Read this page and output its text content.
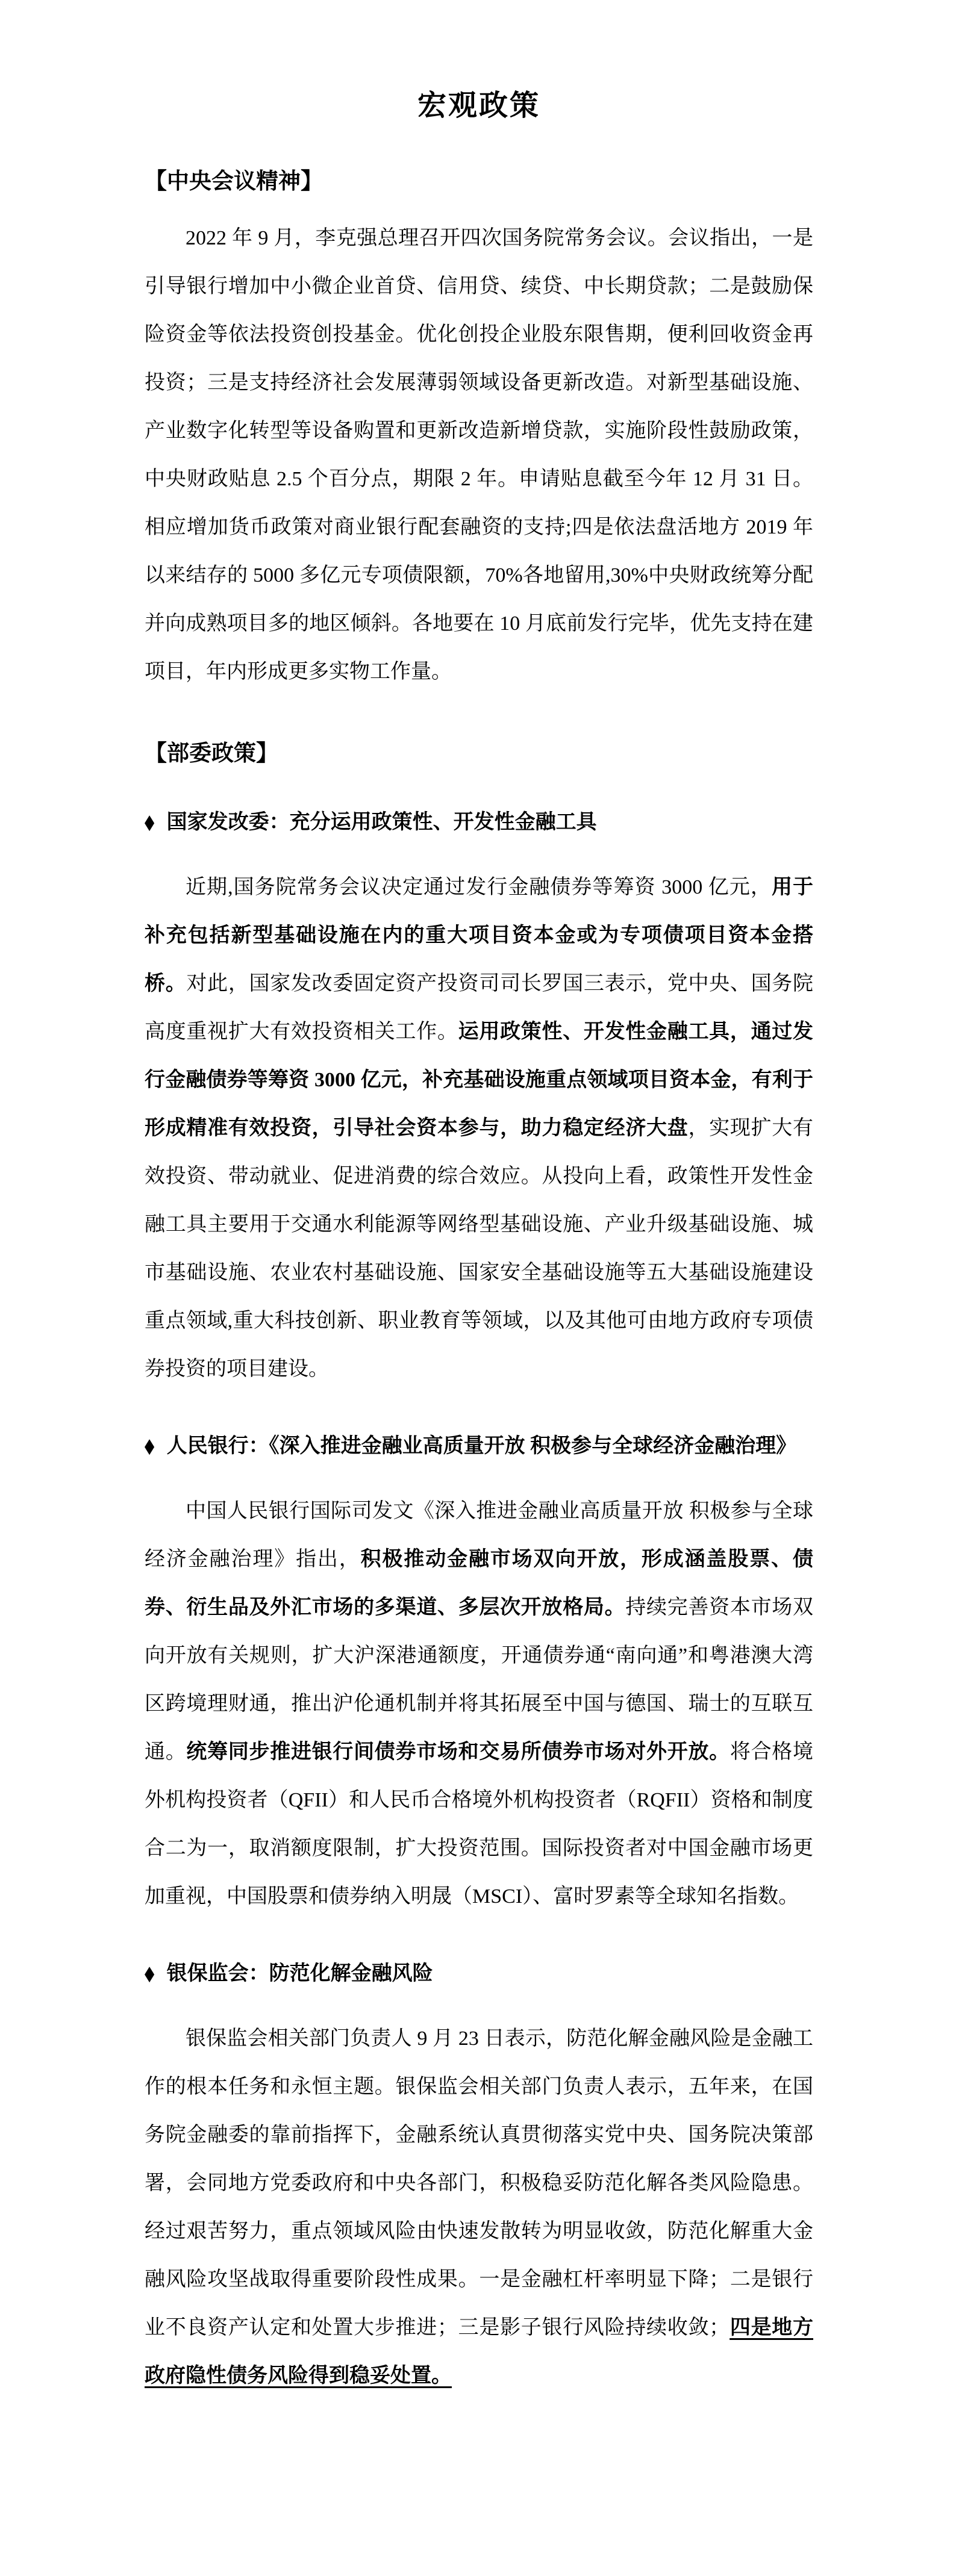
宏观政策
【中央会议精神】

2022 年 9 月，李克强总理召开四次国务院常务会议。会议指出，一是引导银行增加中小微企业首贷、信用贷、续贷、中长期贷款；二是鼓励保险资金等依法投资创投基金。优化创投企业股东限售期，便利回收资金再投资；三是支持经济社会发展薄弱领域设备更新改造。对新型基础设施、产业数字化转型等设备购置和更新改造新增贷款，实施阶段性鼓励政策，中央财政贴息 2.5 个百分点，期限 2 年。申请贴息截至今年 12 月 31 日。相应增加货币政策对商业银行配套融资的支持;四是依法盘活地方 2019 年以来结存的 5000 多亿元专项债限额，70%各地留用,30%中央财政统筹分配并向成熟项目多的地区倾斜。各地要在 10 月底前发行完毕，优先支持在建项目，年内形成更多实物工作量。

【部委政策】
◆ 国家发改委：充分运用政策性、开发性金融工具

近期,国务院常务会议决定通过发行金融债券等筹资 3000 亿元，用于补充包括新型基础设施在内的重大项目资本金或为专项债项目资本金搭桥。对此，国家发改委固定资产投资司司长罗国三表示，党中央、国务院高度重视扩大有效投资相关工作。运用政策性、开发性金融工具，通过发行金融债券等筹资 3000 亿元，补充基础设施重点领域项目资本金，有利于形成精准有效投资，引导社会资本参与，助力稳定经济大盘，实现扩大有效投资、带动就业、促进消费的综合效应。从投向上看，政策性开发性金融工具主要用于交通水利能源等网络型基础设施、产业升级基础设施、城市基础设施、农业农村基础设施、国家安全基础设施等五大基础设施建设重点领域,重大科技创新、职业教育等领域，以及其他可由地方政府专项债券投资的项目建设。

◆ 人民银行：《深入推进金融业高质量开放 积极参与全球经济金融治理》

中国人民银行国际司发文《深入推进金融业高质量开放 积极参与全球经济金融治理》指出，积极推动金融市场双向开放，形成涵盖股票、债券、衍生品及外汇市场的多渠道、多层次开放格局。持续完善资本市场双向开放有关规则，扩大沪深港通额度，开通债券通“南向通”和粤港澳大湾区跨境理财通，推出沪伦通机制并将其拓展至中国与德国、瑞士的互联互通。统筹同步推进银行间债券市场和交易所债券市场对外开放。将合格境外机构投资者（QFII）和人民币合格境外机构投资者（RQFII）资格和制度合二为一，取消额度限制，扩大投资范围。国际投资者对中国金融市场更加重视，中国股票和债券纳入明晟（MSCI）、富时罗素等全球知名指数。

◆ 银保监会：防范化解金融风险

银保监会相关部门负责人 9 月 23 日表示，防范化解金融风险是金融工作的根本任务和永恒主题。银保监会相关部门负责人表示，五年来，在国务院金融委的靠前指挥下，金融系统认真贯彻落实党中央、国务院决策部署，会同地方党委政府和中央各部门，积极稳妥防范化解各类风险隐患。经过艰苦努力，重点领域风险由快速发散转为明显收敛，防范化解重大金融风险攻坚战取得重要阶段性成果。一是金融杠杆率明显下降；二是银行业不良资产认定和处置大步推进；三是影子银行风险持续收敛；四是地方政府隐性债务风险得到稳妥处置。
